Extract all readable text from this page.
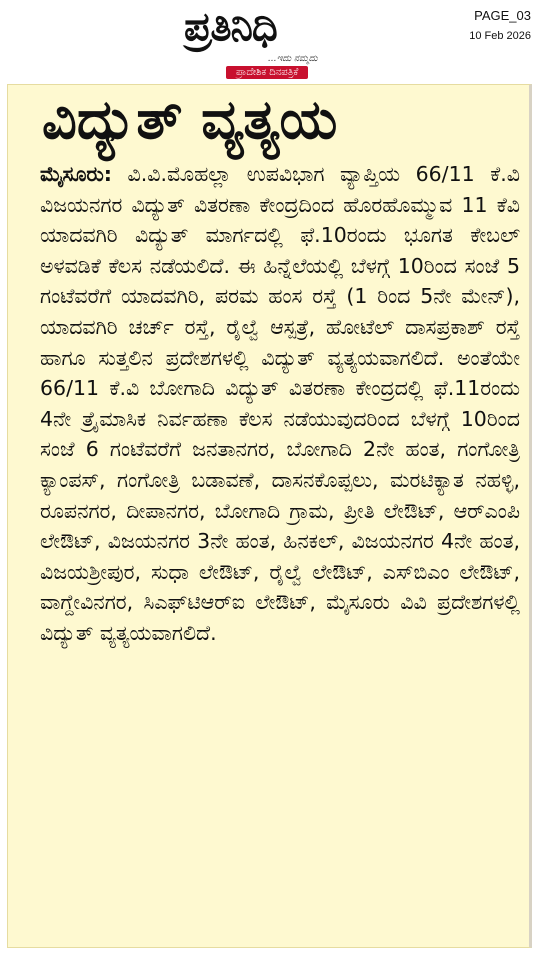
ಪ್ರತಿನಿಧಿ
...ಇದು ನಮ್ಮದು
ಪ್ರಾದೇಶಿಕ ದಿನಪತ್ರಿಕೆ
PAGE_03
10 Feb 2026
ವಿದ್ಯುತ್ ವ್ಯತ್ಯಯ
ಮೈಸೂರು: ವಿ.ವಿ.ಮೊಹಲ್ಲಾ ಉಪವಿಭಾಗ ವ್ಯಾಪ್ತಿಯ 66/11 ಕೆ.ವಿ ವಿಜಯನಗರ ವಿದ್ಯುತ್ ವಿತರಣಾ ಕೇಂದ್ರದಿಂದ ಹೊರಹೊಮ್ಮುವ 11 ಕೆವಿ ಯಾದವಗಿರಿ ವಿದ್ಯುತ್ ಮಾರ್ಗದಲ್ಲಿ ಫೆ.10ರಂದು ಭೂಗತ ಕೇಬಲ್ ಅಳವಡಿಕೆ ಕೆಲಸ ನಡೆಯಲಿದೆ. ಈ ಹಿನ್ನೆಲೆಯಲ್ಲಿ ಬೆಳಗ್ಗೆ 10ರಿಂದ ಸಂಜೆ 5 ಗಂಟೆವರೆಗೆ ಯಾದವಗಿರಿ, ಪರಮ ಹಂಸ ರಸ್ತೆ (1 ರಿಂದ 5ನೇ ಮೇನ್), ಯಾದವಗಿರಿ ಚರ್ಚ್ ರಸ್ತೆ, ರೈಲ್ವೆ ಆಸ್ಪತ್ರೆ, ಹೋಟೆಲ್ ದಾಸಪ್ರಕಾಶ್ ರಸ್ತೆ ಹಾಗೂ ಸುತ್ತಲಿನ ಪ್ರದೇಶಗಳಲ್ಲಿ ವಿದ್ಯುತ್ ವ್ಯತ್ಯಯವಾಗಲಿದೆ. ಅಂತೆಯೇ 66/11 ಕೆ.ವಿ ಬೋಗಾದಿ ವಿದ್ಯುತ್ ವಿತರಣಾ ಕೇಂದ್ರದಲ್ಲಿ ಫೆ.11ರಂದು 4ನೇ ತ್ರೈಮಾಸಿಕ ನಿರ್ವಹಣಾ ಕೆಲಸ ನಡೆಯುವುದರಿಂದ ಬೆಳಗ್ಗೆ 10ರಿಂದ ಸಂಜೆ 6 ಗಂಟೆವರೆಗೆ ಜನತಾನಗರ, ಬೋಗಾದಿ 2ನೇ ಹಂತ, ಗಂಗೋತ್ರಿ ಕ್ಯಾಂಪಸ್, ಗಂಗೋತ್ರಿ ಬಡಾವಣೆ, ದಾಸನಕೊಪ್ಪಲು, ಮರಟಿಕ್ಯಾತ ನಹಳ್ಳಿ, ರೂಪನಗರ, ದೀಪಾನಗರ, ಬೋಗಾದಿ ಗ್ರಾಮ, ಪ್ರೀತಿ ಲೇಔಟ್, ಆರ್‌ಎಂಪಿ ಲೇಔಟ್, ವಿಜಯನಗರ 3ನೇ ಹಂತ, ಹಿನಕಲ್, ವಿಜಯನಗರ 4ನೇ ಹಂತ, ವಿಜಯಶ್ರೀಪುರ, ಸುಧಾ ಲೇಔಟ್, ರೈಲ್ವೆ ಲೇಔಟ್, ಎಸ್‌ಬಿಎಂ ಲೇಔಟ್, ವಾಗ್ದೇವಿನಗರ, ಸಿಎಫ್‌ಟಿಆರ್‌ಐ ಲೇಔಟ್, ಮೈಸೂರು ವಿವಿ ಪ್ರದೇಶಗಳಲ್ಲಿ ವಿದ್ಯುತ್ ವ್ಯತ್ಯಯವಾಗಲಿದೆ.
